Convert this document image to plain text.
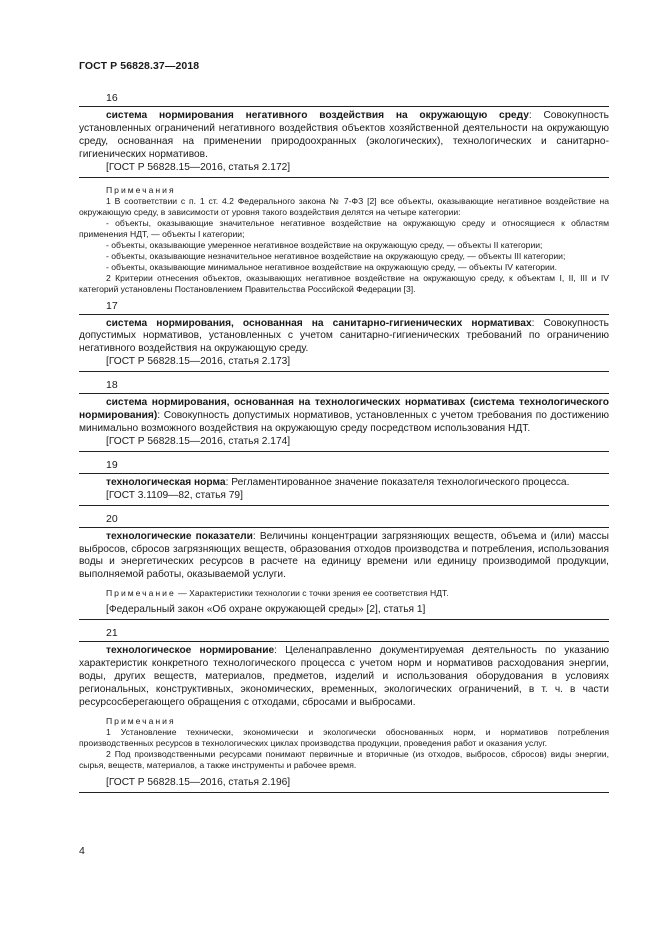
ГОСТ Р 56828.37—2018
16

система нормирования негативного воздействия на окружающую среду: Совокупность установленных ограничений негативного воздействия объектов хозяйственной деятельности на окружающую среду, основанная на применении природоохранных (экологических), технологических и санитарно-гигиенических нормативов.

[ГОСТ Р 56828.15—2016, статья 2.172]

Примечания

1 В соответствии с п. 1 ст. 4.2 Федерального закона № 7-ФЗ [2] все объекты, оказывающие негативное воздействие на окружающую среду, в зависимости от уровня такого воздействия делятся на четыре категории:

- объекты, оказывающие значительное негативное воздействие на окружающую среду и относящиеся к областям применения НДТ, — объекты I категории;

- объекты, оказывающие умеренное негативное воздействие на окружающую среду, — объекты II категории;

- объекты, оказывающие незначительное негативное воздействие на окружающую среду, — объекты III категории;

- объекты, оказывающие минимальное негативное воздействие на окружающую среду, — объекты IV категории.

2 Критерии отнесения объектов, оказывающих негативное воздействие на окружающую среду, к объектам I, II, III и IV категорий установлены Постановлением Правительства Российской Федерации [3].

17

система нормирования, основанная на санитарно-гигиенических нормативах: Совокупность допустимых нормативов, установленных с учетом санитарно-гигиенических требований по ограничению негативного воздействия на окружающую среду.

[ГОСТ Р 56828.15—2016, статья 2.173]

18

система нормирования, основанная на технологических нормативах (система технологического нормирования): Совокупность допустимых нормативов, установленных с учетом требования по достижению минимально возможного воздействия на окружающую среду посредством использования НДТ.

[ГОСТ Р 56828.15—2016, статья 2.174]

19

технологическая норма: Регламентированное значение показателя технологического процесса.

[ГОСТ 3.1109—82, статья 79]

20

технологические показатели: Величины концентрации загрязняющих веществ, объема и (или) массы выбросов, сбросов загрязняющих веществ, образования отходов производства и потребления, использования воды и энергетических ресурсов в расчете на единицу времени или единицу производимой продукции, выполняемой работы, оказываемой услуги.

Примечание — Характеристики технологии с точки зрения ее соответствия НДТ.

[Федеральный закон «Об охране окружающей среды» [2], статья 1]

21

технологическое нормирование: Целенаправленно документируемая деятельность по указанию характеристик конкретного технологического процесса с учетом норм и нормативов расходования энергии, воды, других веществ, материалов, предметов, изделий и использования оборудования в условиях региональных, конструктивных, экономических, временных, экологических ограничений, в т. ч. в части ресурсосберегающего обращения с отходами, сбросами и выбросами.

Примечания

1 Установление технически, экономически и экологически обоснованных норм, и нормативов потребления производственных ресурсов в технологических циклах производства продукции, проведения работ и оказания услуг.

2 Под производственными ресурсами понимают первичные и вторичные (из отходов, выбросов, сбросов) виды энергии, сырья, веществ, материалов, а также инструменты и рабочее время.

[ГОСТ Р 56828.15—2016, статья 2.196]

4
